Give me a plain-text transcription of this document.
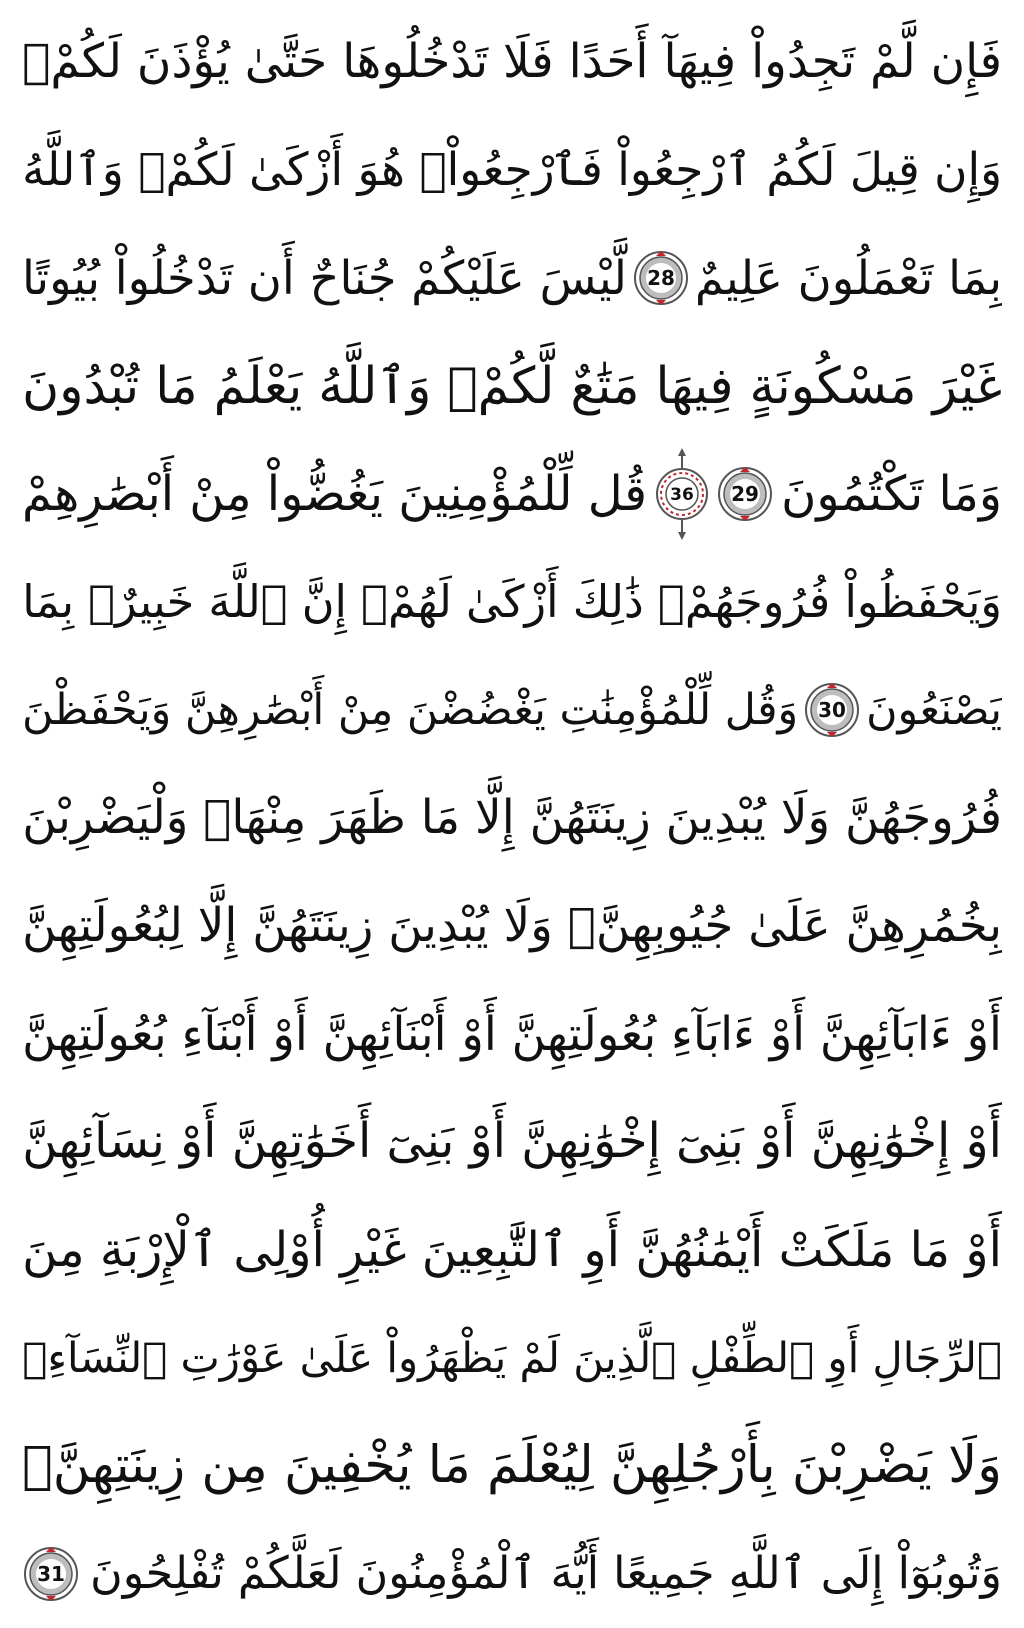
فَإِن لَّمْ تَجِدُواْ فِيهَآ أَحَدًا فَلَا تَدْخُلُوهَا حَتَّىٰ يُؤْذَنَ لَكُمْۖ
وَإِن قِيلَ لَكُمُ ٱرْجِعُواْ فَٱرْجِعُواْۖ هُوَ أَزْكَىٰ لَكُمْۚ وَٱللَّهُ
بِمَا تَعْمَلُونَ عَلِيمٌ
28
لَّيْسَ عَلَيْكُمْ جُنَاحٌ أَن تَدْخُلُواْ بُيُوتًا
غَيْرَ مَسْكُونَةٍ فِيهَا مَتَٰعٌ لَّكُمْۚ وَٱللَّهُ يَعْلَمُ مَا تُبْدُونَ
وَمَا تَكْتُمُونَ
29
36
قُل لِّلْمُؤْمِنِينَ يَغُضُّواْ مِنْ أَبْصَٰرِهِمْ
وَيَحْفَظُواْ فُرُوجَهُمْۚ ذَٰلِكَ أَزْكَىٰ لَهُمْۗ إِنَّ ٱللَّهَ خَبِيرٌۢ بِمَا
يَصْنَعُونَ
30
وَقُل لِّلْمُؤْمِنَٰتِ يَغْضُضْنَ مِنْ أَبْصَٰرِهِنَّ وَيَحْفَظْنَ
فُرُوجَهُنَّ وَلَا يُبْدِينَ زِينَتَهُنَّ إِلَّا مَا ظَهَرَ مِنْهَاۖ وَلْيَضْرِبْنَ
بِخُمُرِهِنَّ عَلَىٰ جُيُوبِهِنَّۖ وَلَا يُبْدِينَ زِينَتَهُنَّ إِلَّا لِبُعُولَتِهِنَّ
أَوْ ءَابَآئِهِنَّ أَوْ ءَابَآءِ بُعُولَتِهِنَّ أَوْ أَبْنَآئِهِنَّ أَوْ أَبْنَآءِ بُعُولَتِهِنَّ
أَوْ إِخْوَٰنِهِنَّ أَوْ بَنِىٓ إِخْوَٰنِهِنَّ أَوْ بَنِىٓ أَخَوَٰتِهِنَّ أَوْ نِسَآئِهِنَّ
أَوْ مَا مَلَكَتْ أَيْمَٰنُهُنَّ أَوِ ٱلتَّٰبِعِينَ غَيْرِ أُوْلِى ٱلْإِرْبَةِ مِنَ
ٱلرِّجَالِ أَوِ ٱلطِّفْلِ ٱلَّذِينَ لَمْ يَظْهَرُواْ عَلَىٰ عَوْرَٰتِ ٱلنِّسَآءِۖ
وَلَا يَضْرِبْنَ بِأَرْجُلِهِنَّ لِيُعْلَمَ مَا يُخْفِينَ مِن زِينَتِهِنَّۚ
وَتُوبُوٓاْ إِلَى ٱللَّهِ جَمِيعًا أَيُّهَ ٱلْمُؤْمِنُونَ لَعَلَّكُمْ تُفْلِحُونَ
31
